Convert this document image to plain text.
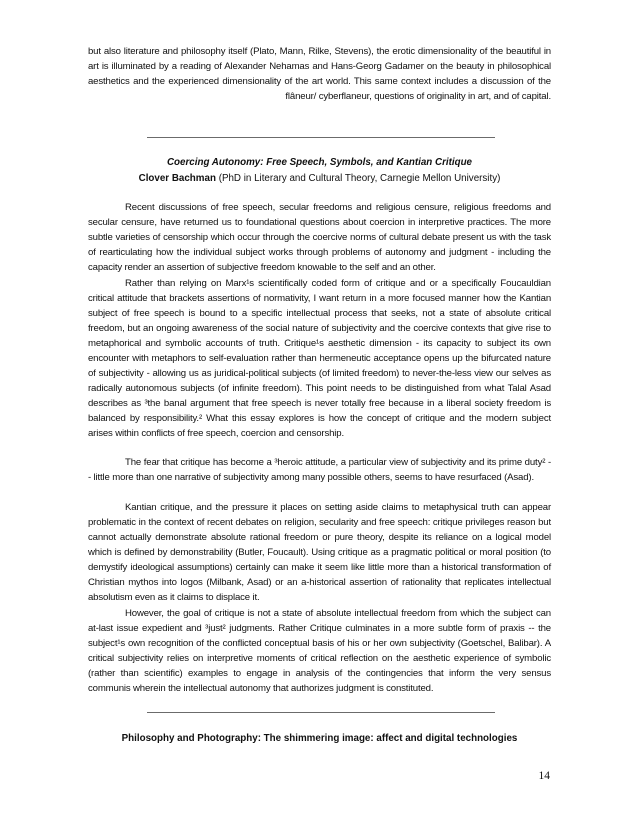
but also literature and philosophy itself (Plato, Mann, Rilke, Stevens), the erotic dimensionality of the beautiful in art is illuminated by a reading of Alexander Nehamas and Hans-Georg Gadamer on the beauty in philosophical aesthetics and the experienced dimensionality of the art world. This same context includes a discussion of the flâneur/ cyberflaneur, questions of originality in art, and of capital.
Coercing Autonomy: Free Speech, Symbols, and Kantian Critique
Clover Bachman (PhD in Literary and Cultural Theory, Carnegie Mellon University)
Recent discussions of free speech, secular freedoms and religious censure, religious freedoms and secular censure, have returned us to foundational questions about coercion in interpretive practices. The more subtle varieties of censorship which occur through the coercive norms of cultural debate present us with the task of rearticulating how the individual subject works through problems of autonomy and judgment - including the capacity render an assertion of subjective freedom knowable to the self and an other.
Rather than relying on Marx¹s scientifically coded form of critique and or a specifically Foucauldian critical attitude that brackets assertions of normativity, I want return in a more focused manner how the Kantian subject of free speech is bound to a specific intellectual process that seeks, not a state of absolute critical freedom, but an ongoing awareness of the social nature of subjectivity and the coercive contexts that give rise to metaphorical and symbolic accounts of truth. Critique¹s aesthetic dimension - its capacity to subject its own encounter with metaphors to self-evaluation rather than hermeneutic acceptance opens up the bifurcated nature of subjectivity - allowing us as juridical-political subjects (of limited freedom) to never-the-less view our selves as radically autonomous subjects (of infinite freedom). This point needs to be distinguished from what Talal Asad describes as ³the banal argument that free speech is never totally free because in a liberal society freedom is balanced by responsibility.² What this essay explores is how the concept of critique and the modern subject arises within conflicts of free speech, coercion and censorship.
The fear that critique has become a ³heroic attitude, a particular view of subjectivity and its prime duty² -- little more than one narrative of subjectivity among many possible others, seems to have resurfaced (Asad).
Kantian critique, and the pressure it places on setting aside claims to metaphysical truth can appear problematic in the context of recent debates on religion, secularity and free speech: critique privileges reason but cannot actually demonstrate absolute rational freedom or pure theory, despite its reliance on a logical model which is defined by demonstrability (Butler, Foucault). Using critique as a pragmatic political or moral position (to demystify ideological assumptions) certainly can make it seem like little more than a historical transformation of Christian mythos into logos (Milbank, Asad) or an a-historical assertion of rationality that replicates intellectual absolutism even as it claims to displace it.
However, the goal of critique is not a state of absolute intellectual freedom from which the subject can at-last issue expedient and ³just² judgments. Rather Critique culminates in a more subtle form of praxis -- the subject¹s own recognition of the conflicted conceptual basis of his or her own subjectivity (Goetschel, Balibar). A critical subjectivity relies on interpretive moments of critical reflection on the aesthetic experience of symbolic (rather than scientific) examples to engage in analysis of the contingencies that inform the very sensus communis wherein the intellectual autonomy that authorizes judgment is constituted.
Philosophy and Photography: The shimmering image: affect and digital technologies
14
